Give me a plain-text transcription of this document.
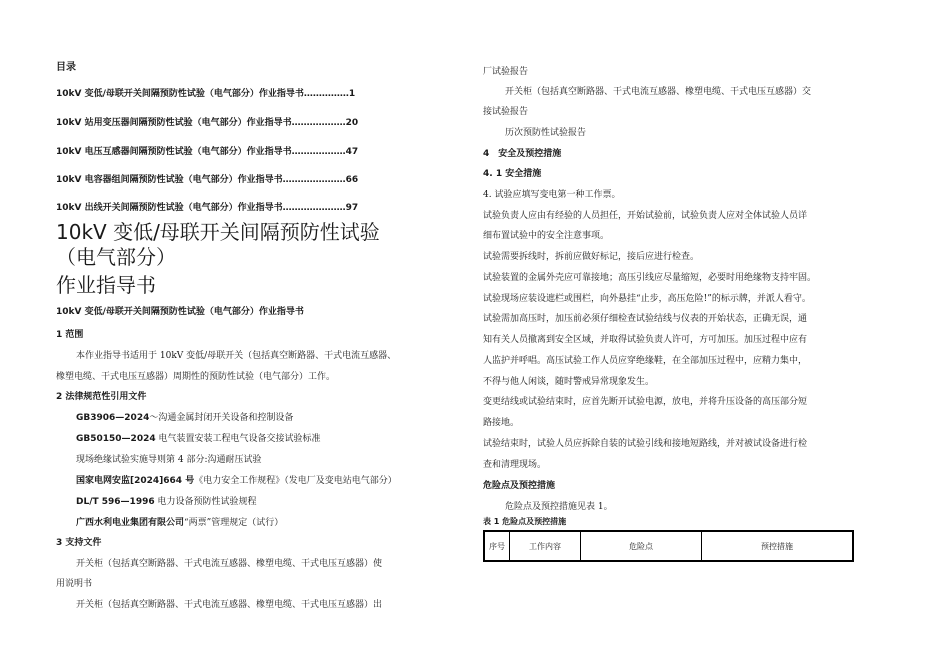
目录
10kV 变低/母联开关间隔预防性试验（电气部分）作业指导书……………1
10kV 站用变压器间隔预防性试验（电气部分）作业指导书………………20
10kV 电压互感器间隔预防性试验（电气部分）作业指导书………………47
10kV 电容器组间隔预防性试验（电气部分）作业指导书…………………66
10kV 出线开关间隔预防性试验（电气部分）作业指导书…………………97
10kV 变低/母联开关间隔预防性试验
（电气部分）
作业指导书
10kV 变低/母联开关间隔预防性试验（电气部分）作业指导书
1 范围
本作业指导书适用于 10kV 变低/母联开关（包括真空断路器、干式电流互感器、
橡塑电缆、干式电压互感器）周期性的预防性试验（电气部分）工作。
2 法律规范性引用文件
GB3906—2024～沟通金属封闭开关设备和控制设备
GB50150—2024 电气装置安装工程电气设备交接试验标准
现场绝缘试验实施导则第 4 部分:沟通耐压试验
国家电网安监[2024]664 号《电力安全工作规程》（发电厂及变电站电气部分）
DL/T 596—1996 电力设备预防性试验规程
广西水利电业集团有限公司“两票”管理规定（试行）
3 支持文件
开关柜（包括真空断路器、干式电流互感器、橡塑电缆、干式电压互感器）使
用说明书
开关柜（包括真空断路器、干式电流互感器、橡塑电缆、干式电压互感器）出
厂试验报告
开关柜（包括真空断路器、干式电流互感器、橡塑电缆、干式电压互感器）交
接试验报告
历次预防性试验报告
4　安全及预控措施
4. 1 安全措施
4. 试验应填写变电第一种工作票。
试验负责人应由有经验的人员担任，开始试验前，试验负责人应对全体试验人员详
细布置试验中的安全注意事项。
试验需要拆线时，拆前应做好标记，接后应进行检查。
试验装置的金属外壳应可靠接地；高压引线应尽量缩短，必要时用绝缘物支持牢固。
试验现场应装设遮栏或围栏，向外悬挂“止步，高压危险!”的标示牌，并派人看守。
试验需加高压时，加压前必须仔细检查试验结线与仪表的开始状态，正确无误，通
知有关人员撤离到安全区域，并取得试验负责人许可，方可加压。加压过程中应有
人监护并呼唱。高压试验工作人员应穿绝缘鞋，在全部加压过程中，应精力集中，
不得与他人闲谈，随时警戒异常现象发生。
变更结线或试验结束时，应首先断开试验电源，放电，并将升压设备的高压部分短
路接地。
试验结束时，试验人员应拆除自装的试验引线和接地短路线，并对被试设备进行检
查和清理现场。
危险点及预控措施
危险点及预控措施见表 1。
表 1 危险点及预控措施
序号	工作内容	危险点	预控措施
